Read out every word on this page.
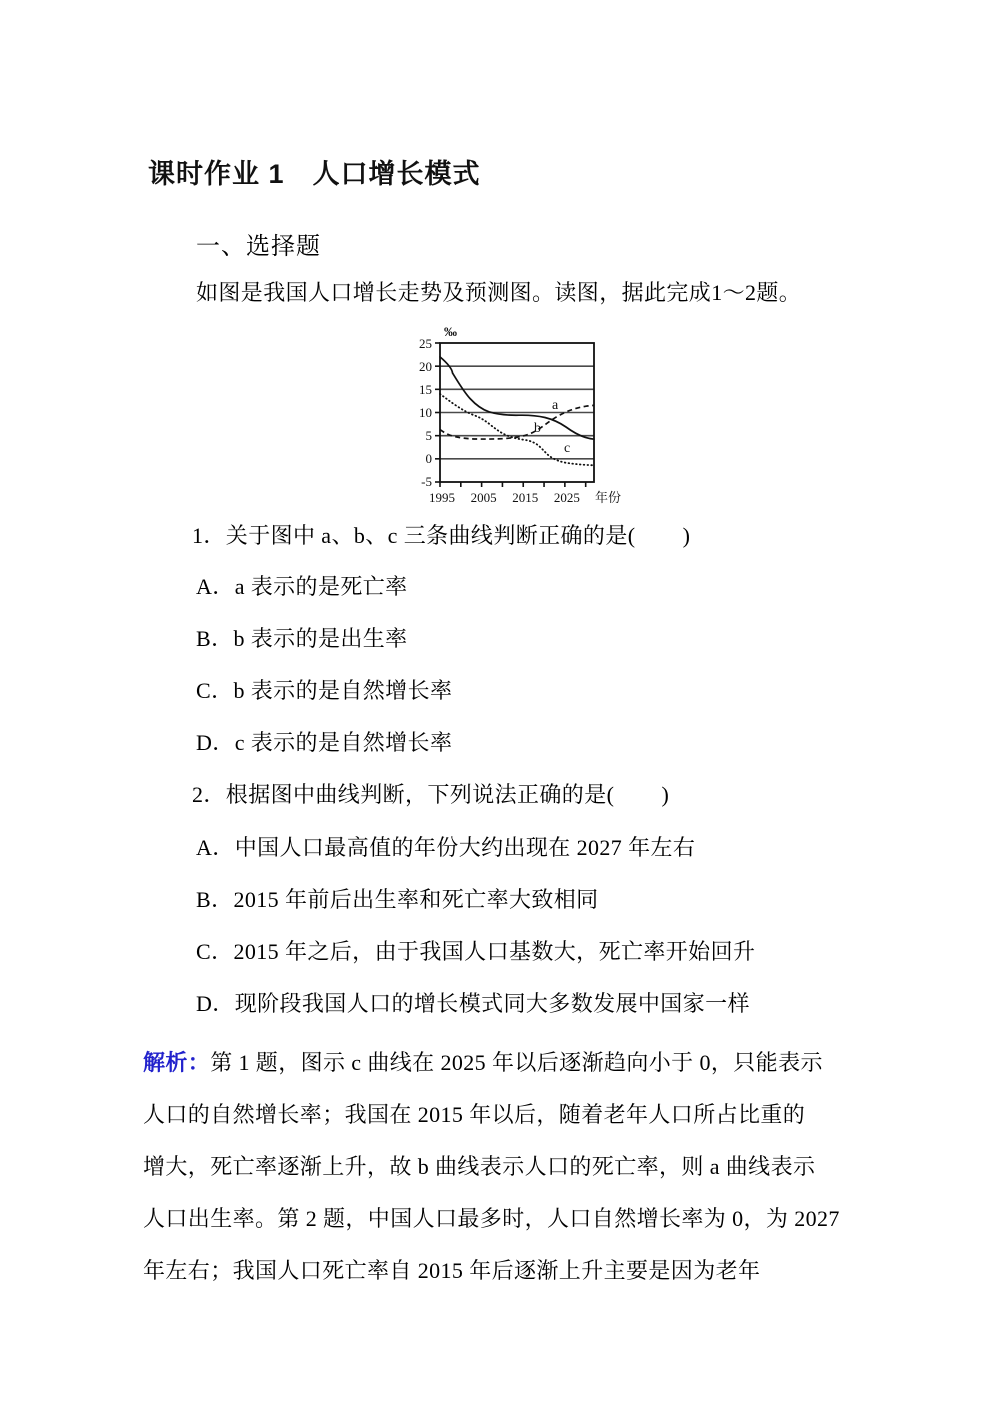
课时作业 1　人口增长模式
一、选择题
如图是我国人口增长走势及预测图。读图，据此完成1～2题。
25
20
15
10
5
0
-5
‰
1995 2005 2015 2025 年份
a
b
c
1．关于图中 a、b、c 三条曲线判断正确的是(        )
A．a 表示的是死亡率
B．b 表示的是出生率
C．b 表示的是自然增长率
D．c 表示的是自然增长率
2．根据图中曲线判断，下列说法正确的是(        )
A．中国人口最高值的年份大约出现在 2027 年左右
B．2015 年前后出生率和死亡率大致相同
C．2015 年之后，由于我国人口基数大，死亡率开始回升
D．现阶段我国人口的增长模式同大多数发展中国家一样
解析：第 1 题，图示 c 曲线在 2025 年以后逐渐趋向小于 0，只能表示
人口的自然增长率；我国在 2015 年以后，随着老年人口所占比重的
增大，死亡率逐渐上升，故 b 曲线表示人口的死亡率，则 a 曲线表示
人口出生率。第 2 题，中国人口最多时，人口自然增长率为 0，为 2027
年左右；我国人口死亡率自 2015 年后逐渐上升主要是因为老年
